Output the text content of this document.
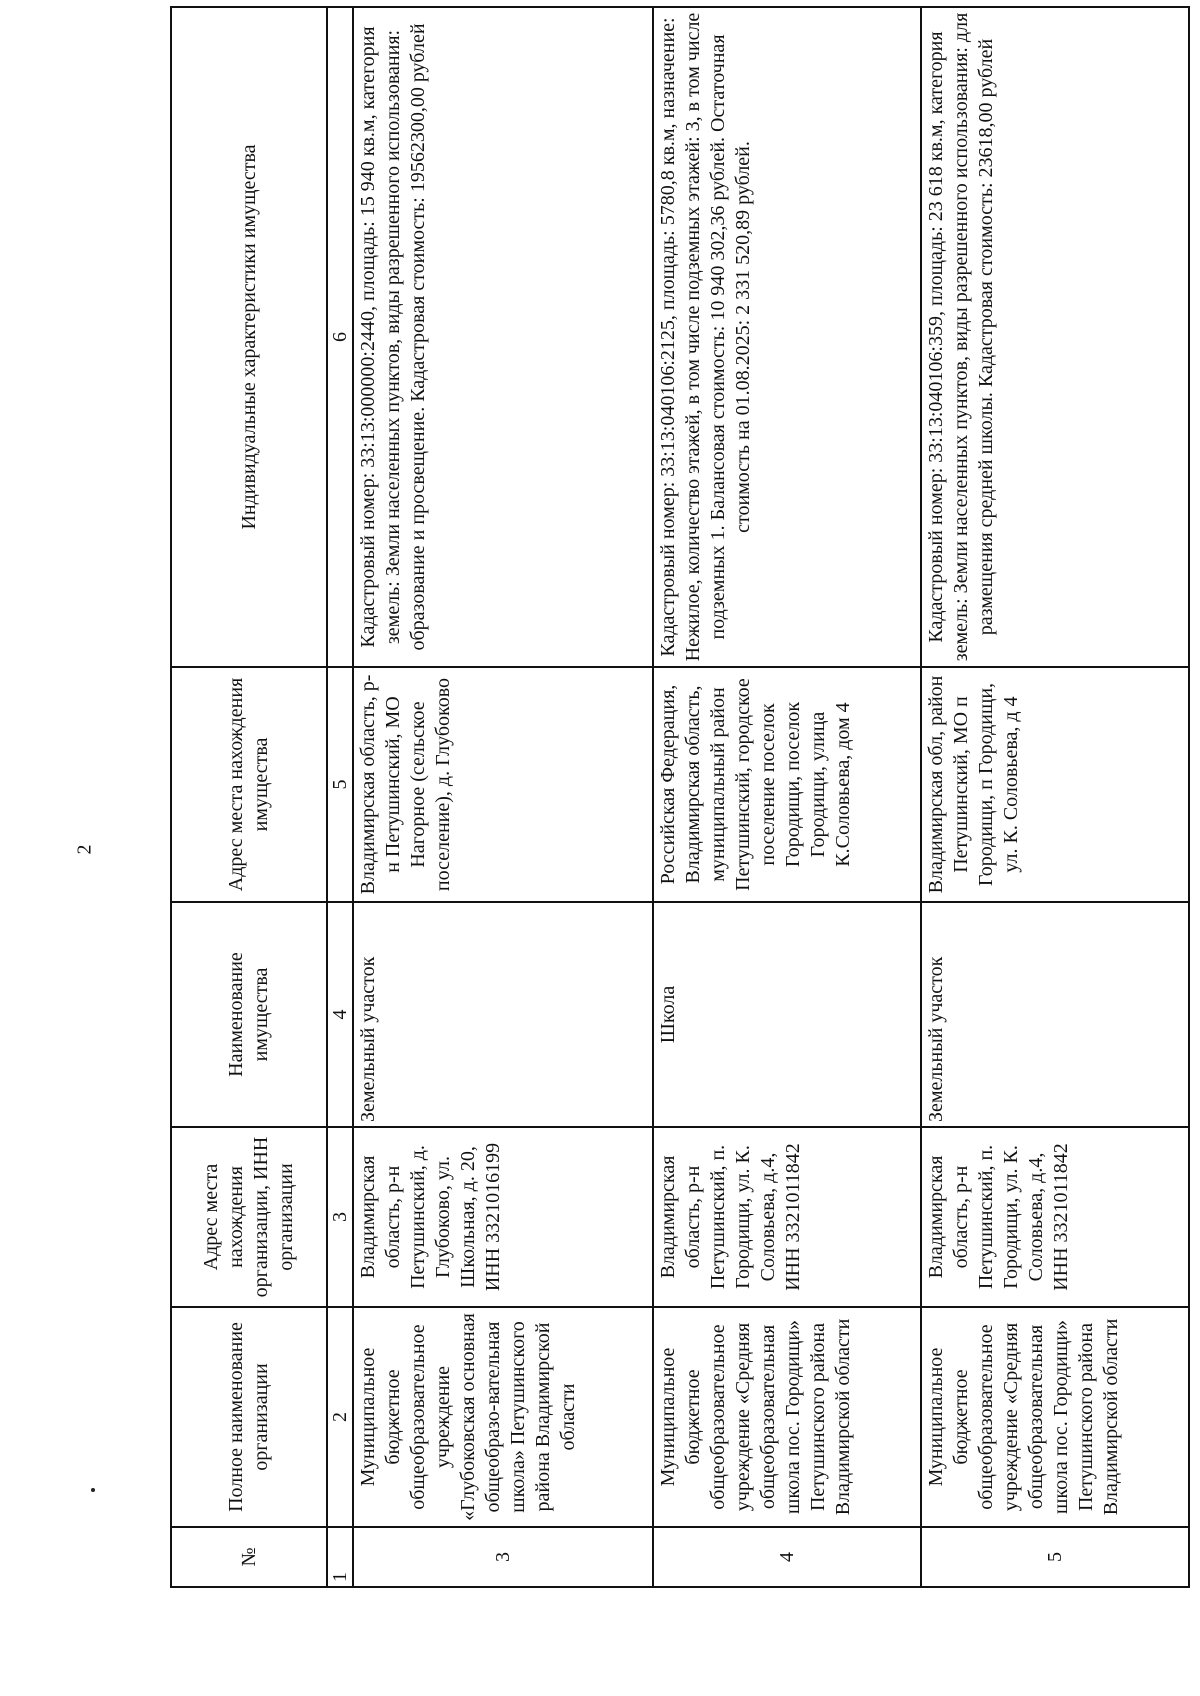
2
№	Полное наименование организации	Адрес места нахождения организации, ИНН организации	Наименование имущества	Адрес места нахождения имущества	Индивидуальные характеристики имущества
1	2	3	4	5	6
3	Муниципальное бюджетное общеобразовательное учреждение «Глубоковская основная общеобразо-вательная школа» Петушинского района Владимирской области	Владимирская область, р-н Петушинский, д. Глубоково, ул. Школьная, д. 20, ИНН 3321016199	Земельный участок	Владимирская область, р-н Петушинский, МО Нагорное (сельское поселение), д. Глубоково	Кадастровый номер: 33:13:000000:2440, площадь: 15 940 кв.м, категория земель: Земли населенных пунктов, виды разрешенного использования: образование и просвещение. Кадастровая стоимость: 19562300,00 рублей
4	Муниципальное бюджетное общеобразовательное учреждение «Средняя общеобразовательная школа пос. Городищи» Петушинского района Владимирской области	Владимирская область, р-н Петушинский, п. Городищи, ул. К. Соловьева, д.4, ИНН 3321011842	Школа	Российская Федерация, Владимирская область, муниципальный район Петушинский, городское поселение поселок Городищи, поселок Городищи, улица К.Соловьева, дом 4	Кадастровый номер: 33:13:040106:2125, площадь: 5780,8 кв.м, назначение: Нежилое, количество этажей, в том числе подземных этажей: 3, в том числе подземных 1. Балансовая стоимость: 10 940 302,36 рублей. Остаточная стоимость на 01.08.2025: 2 331 520,89 рублей.
5	Муниципальное бюджетное общеобразовательное учреждение «Средняя общеобразовательная школа пос. Городищи» Петушинского района Владимирской области	Владимирская область, р-н Петушинский, п. Городищи, ул. К. Соловьева, д.4, ИНН 3321011842	Земельный участок	Владимирская обл, район Петушинский, МО п Городищи, п Городищи, ул. К. Соловьева, д 4	Кадастровый номер: 33:13:040106:359, площадь: 23 618 кв.м, категория земель: Земли населенных пунктов, виды разрешенного использования: для размещения средней школы. Кадастровая стоимость: 23618,00 рублей
